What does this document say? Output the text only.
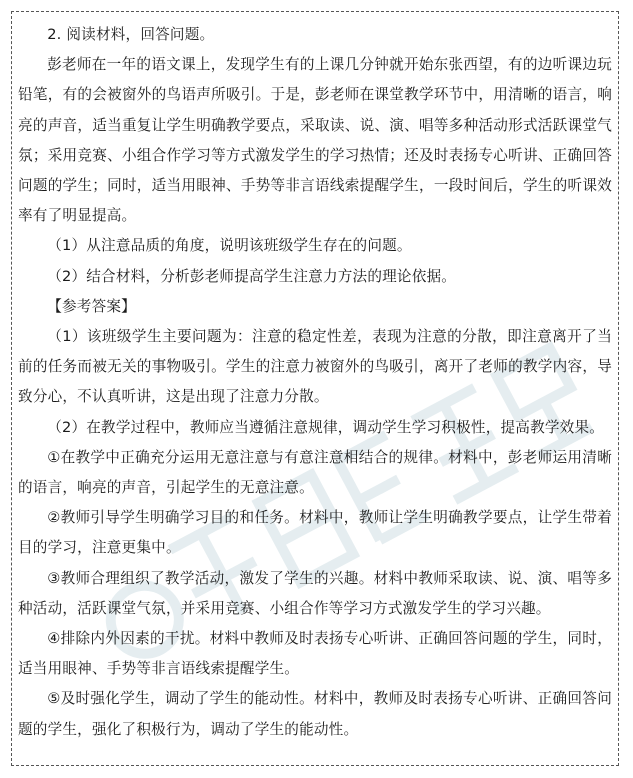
2. 阅读材料，回答问题。

彭老师在一年的语文课上，发现学生有的上课几分钟就开始东张西望，有的边听课边玩铅笔，有的会被窗外的鸟语声所吸引。于是，彭老师在课堂教学环节中，用清晰的语言，响亮的声音，适当重复让学生明确教学要点，采取读、说、演、唱等多种活动形式活跃课堂气氛；采用竞赛、小组合作学习等方式激发学生的学习热情；还及时表扬专心听讲、正确回答问题的学生；同时，适当用眼神、手势等非言语线索提醒学生，一段时间后，学生的听课效率有了明显提高。

（1）从注意品质的角度，说明该班级学生存在的问题。

（2）结合材料，分析彭老师提高学生注意力方法的理论依据。

【参考答案】

（1）该班级学生主要问题为：注意的稳定性差，表现为注意的分散，即注意离开了当前的任务而被无关的事物吸引。学生的注意力被窗外的鸟吸引，离开了老师的教学内容，导致分心，不认真听讲，这是出现了注意力分散。

（2）在教学过程中，教师应当遵循注意规律，调动学生学习积极性，提高教学效果。

①在教学中正确充分运用无意注意与有意注意相结合的规律。材料中，彭老师运用清晰的语言，响亮的声音，引起学生的无意注意。

②教师引导学生明确学习目的和任务。材料中，教师让学生明确教学要点，让学生带着目的学习，注意更集中。

③教师合理组织了教学活动，激发了学生的兴趣。材料中教师采取读、说、演、唱等多种活动，活跃课堂气氛，并采用竞赛、小组合作等学习方式激发学生的学习兴趣。

④排除内外因素的干扰。材料中教师及时表扬专心听讲、正确回答问题的学生，同时，适当用眼神、手势等非言语线索提醒学生。

⑤及时强化学生，调动了学生的能动性。材料中，教师及时表扬专心听讲、正确回答问题的学生，强化了积极行为，调动了学生的能动性。
